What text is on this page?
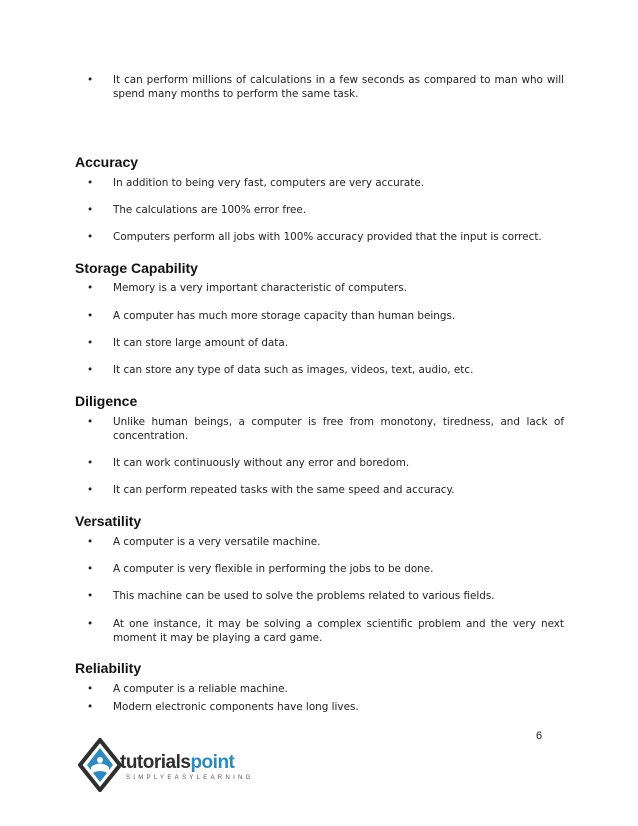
• It can perform millions of calculations in a few seconds as compared to man who will spend many months to perform the same task.
Accuracy
• In addition to being very fast, computers are very accurate.
• The calculations are 100% error free.
• Computers perform all jobs with 100% accuracy provided that the input is correct.
Storage Capability
• Memory is a very important characteristic of computers.
• A computer has much more storage capacity than human beings.
• It can store large amount of data.
• It can store any type of data such as images, videos, text, audio, etc.
Diligence
• Unlike human beings, a computer is free from monotony, tiredness, and lack of concentration.
• It can work continuously without any error and boredom.
• It can perform repeated tasks with the same speed and accuracy.
Versatility
• A computer is a very versatile machine.
• A computer is very flexible in performing the jobs to be done.
• This machine can be used to solve the problems related to various fields.
• At one instance, it may be solving a complex scientific problem and the very next moment it may be playing a card game.
Reliability
• A computer is a reliable machine.
• Modern electronic components have long lives.
6
tutorialspoint
SIMPLYEASYLEARNING
